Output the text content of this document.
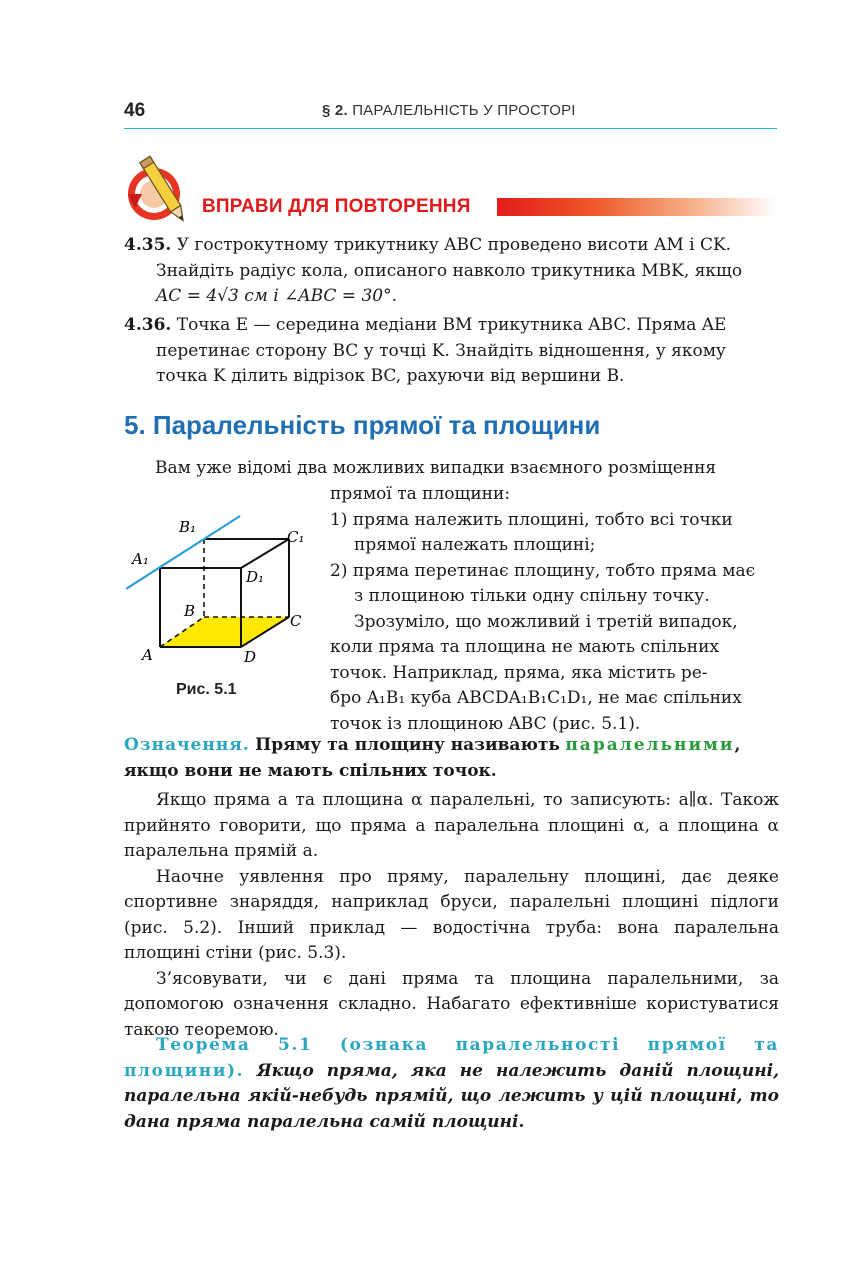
46	§ 2. ПАРАЛЕЛЬНІСТЬ У ПРОСТОРІ
ВПРАВИ ДЛЯ ПОВТОРЕННЯ
4.35. У гострокутному трикутнику ABC проведено висоти AM і CK.
Знайдіть радіус кола, описаного навколо трикутника MBK, якщо
AC = 4√3 см і ∠ABC = 30°.
4.36. Точка E — середина медіани BM трикутника ABC. Пряма AE
перетинає сторону BC у точці K. Знайдіть відношення, у якому
точка K ділить відрізок BC, рахуючи від вершини B.
5. Паралельність прямої та площини
Вам уже відомі два можливих випадки взаємного розміщення
прямої та площини:
1) пряма належить площині, тобто всі точки
прямої належать площині;
2) пряма перетинає площину, тобто пряма має
з площиною тільки одну спільну точку.
Зрозуміло, що можливий і третій випадок,
коли пряма та площина не мають спільних
точок. Наприклад, пряма, яка містить ре-
бро A₁B₁ куба ABCDA₁B₁C₁D₁, не має спільних
точок із площиною ABC (рис. 5.1).
B₁
C₁
A₁
D₁
B
C
A	D
Рис. 5.1
Означення. Пряму та площину називають паралельними,
якщо вони не мають спільних точок.

Якщо пряма a та площина α паралельні, то записують: a∥α. Також прийнято говорити, що пряма a паралельна площині α, а площина α паралельна прямій a.

Наочне уявлення про пряму, паралельну площині, дає деяке спортивне знаряддя, наприклад бруси, паралельні площині підлоги (рис. 5.2). Інший приклад — водостічна труба: вона паралельна площині стіни (рис. 5.3).

З’ясовувати, чи є дані пряма та площина паралельними, за допомогою означення складно. Набагато ефективніше користуватися такою теоремою.

Теорема 5.1 (ознака паралельності прямої та площини). Якщо пряма, яка не належить даній площині, паралельна якій-небудь прямій, що лежить у цій площині, то дана пряма паралельна самій площині.
